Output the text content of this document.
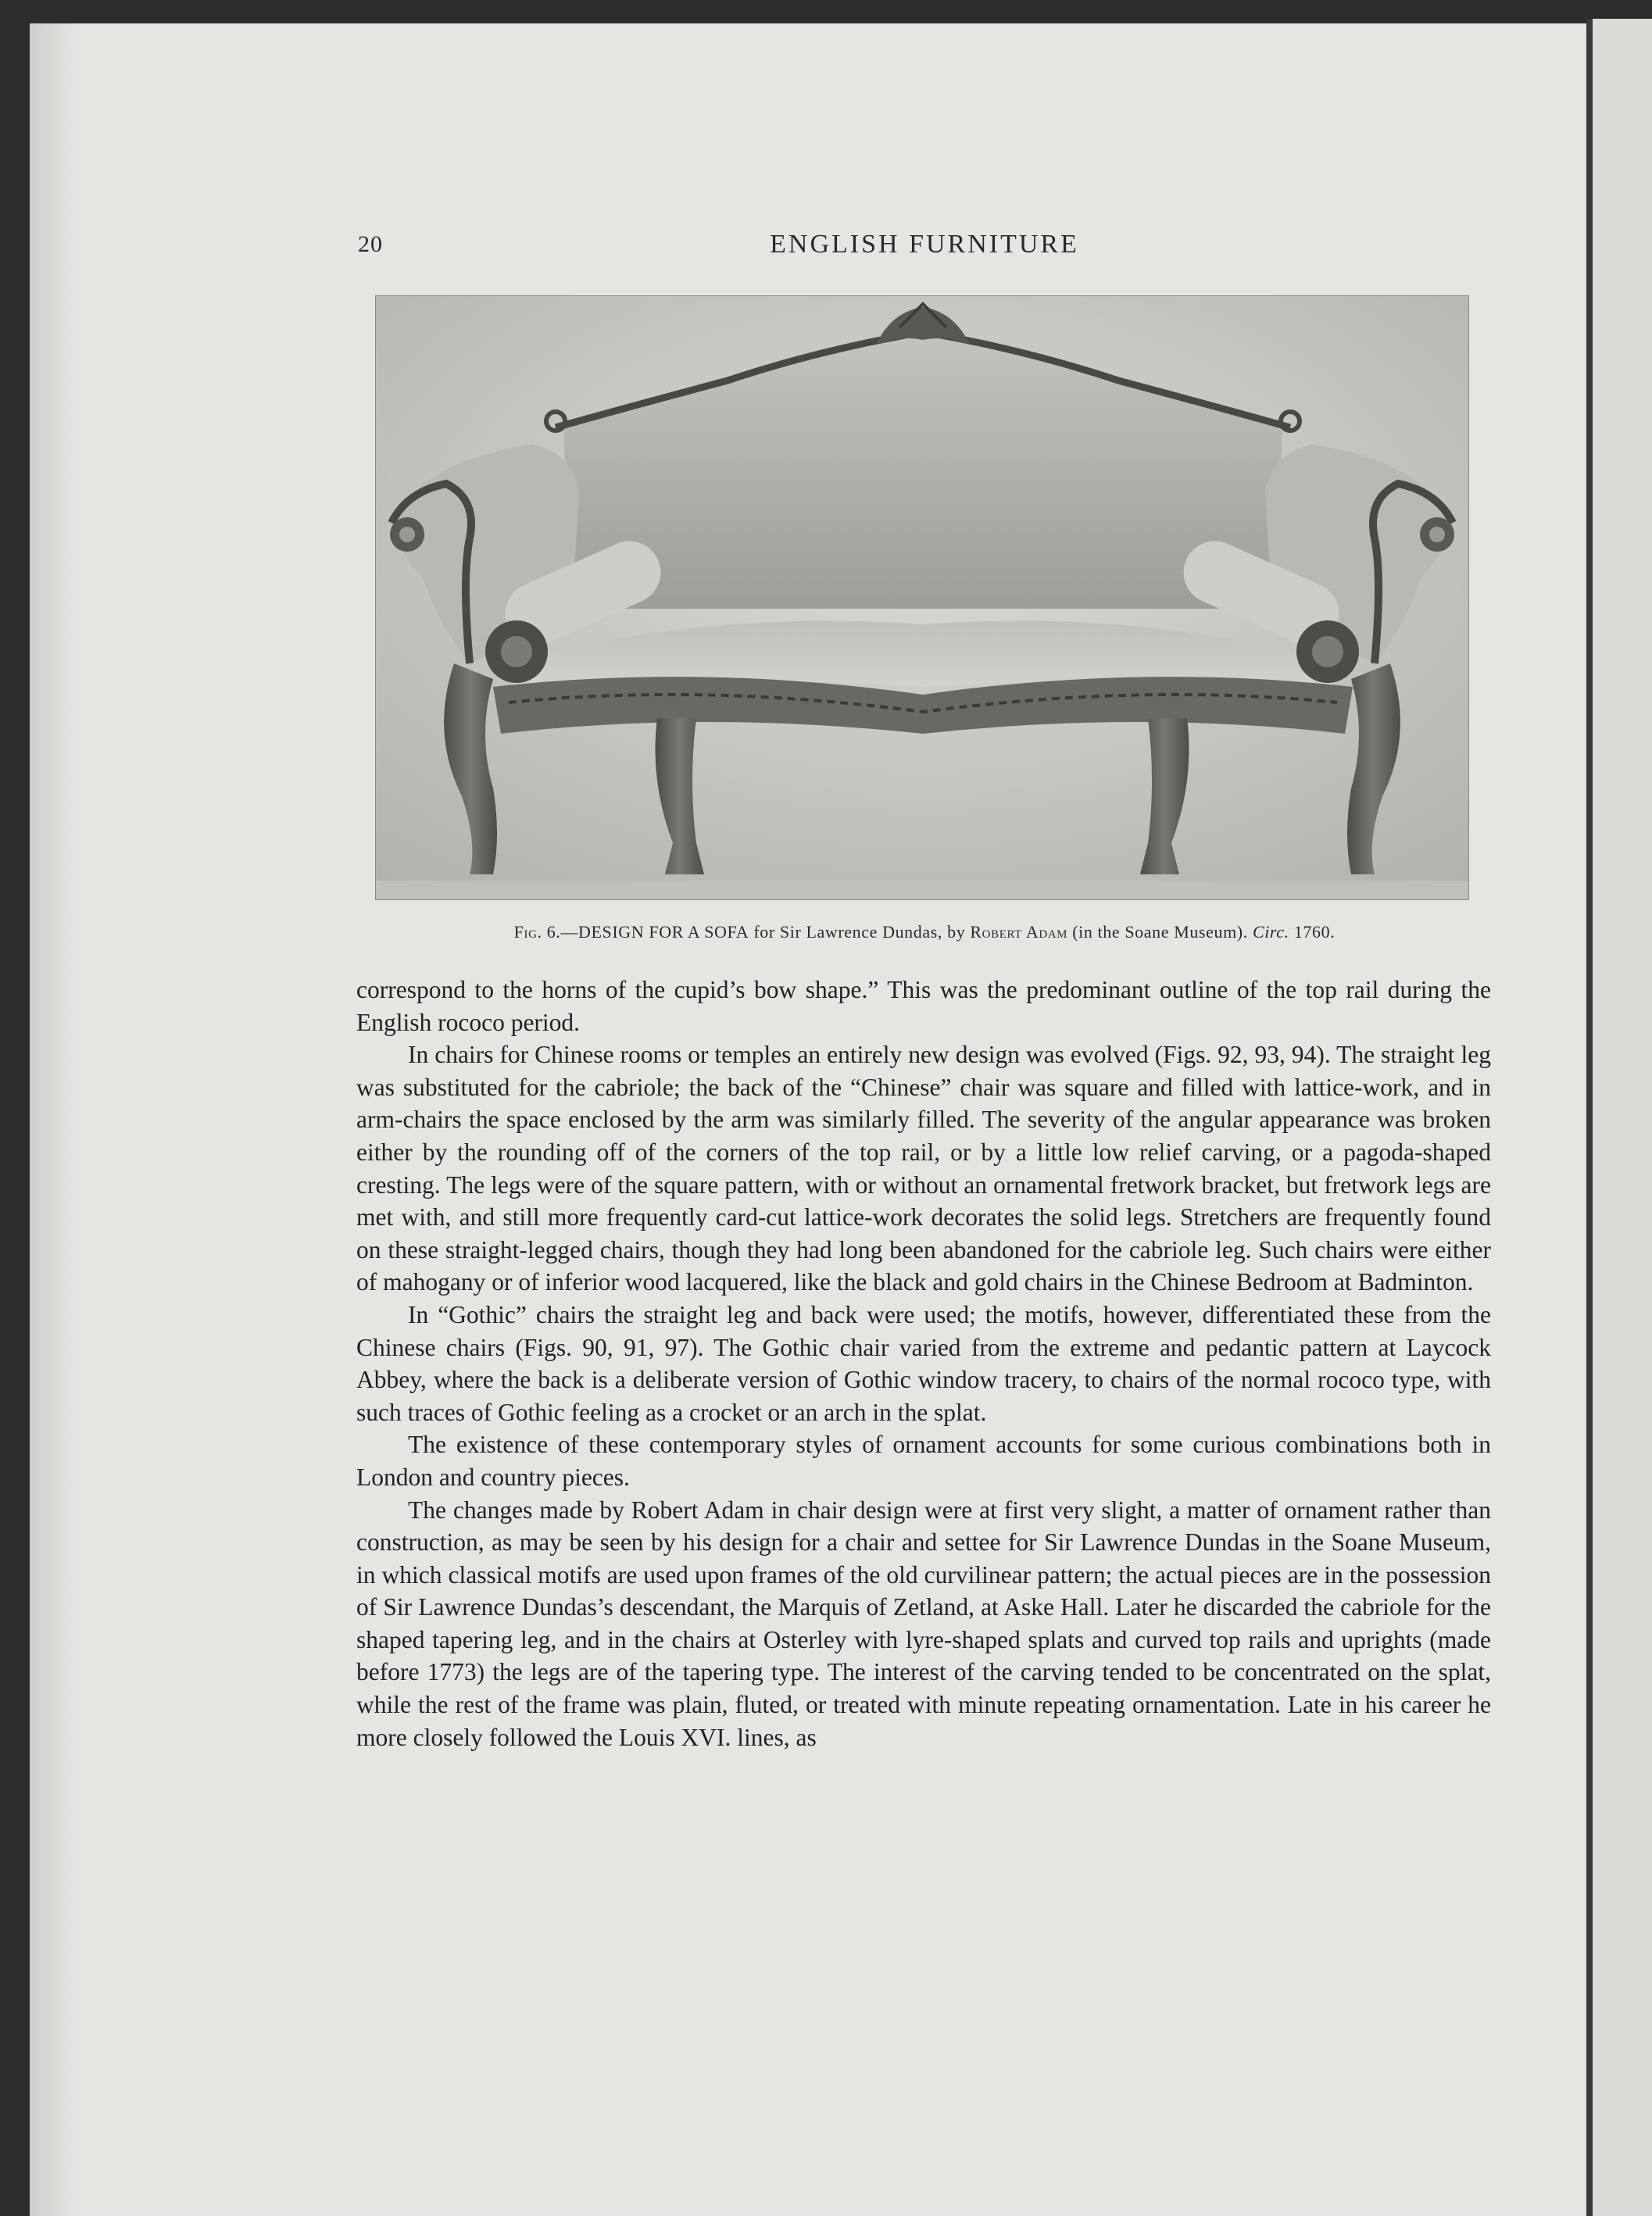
20	ENGLISH FURNITURE
Fig. 6.—DESIGN FOR A SOFA for Sir Lawrence Dundas, by Robert Adam (in the Soane Museum). Circ. 1760.

correspond to the horns of the cupid’s bow shape.” This was the predominant outline of the top rail during the English rococo period.

In chairs for Chinese rooms or temples an entirely new design was evolved (Figs. 92, 93, 94). The straight leg was substituted for the cabriole; the back of the “Chinese” chair was square and filled with lattice-work, and in arm-chairs the space enclosed by the arm was similarly filled. The severity of the angular appearance was broken either by the rounding off of the corners of the top rail, or by a little low relief carving, or a pagoda-shaped cresting. The legs were of the square pattern, with or without an ornamental fretwork bracket, but fretwork legs are met with, and still more frequently card-cut lattice-work decorates the solid legs. Stretchers are frequently found on these straight-legged chairs, though they had long been abandoned for the cabriole leg. Such chairs were either of mahogany or of inferior wood lacquered, like the black and gold chairs in the Chinese Bedroom at Badminton.

In “Gothic” chairs the straight leg and back were used; the motifs, however, differentiated these from the Chinese chairs (Figs. 90, 91, 97). The Gothic chair varied from the extreme and pedantic pattern at Laycock Abbey, where the back is a deliberate version of Gothic window tracery, to chairs of the normal rococo type, with such traces of Gothic feeling as a crocket or an arch in the splat.

The existence of these contemporary styles of ornament accounts for some curious combinations both in London and country pieces.

The changes made by Robert Adam in chair design were at first very slight, a matter of ornament rather than construction, as may be seen by his design for a chair and settee for Sir Lawrence Dundas in the Soane Museum, in which classical motifs are used upon frames of the old curvilinear pattern; the actual pieces are in the possession of Sir Lawrence Dundas’s descendant, the Marquis of Zetland, at Aske Hall. Later he discarded the cabriole for the shaped tapering leg, and in the chairs at Osterley with lyre-shaped splats and curved top rails and uprights (made before 1773) the legs are of the tapering type. The interest of the carving tended to be concentrated on the splat, while the rest of the frame was plain, fluted, or treated with minute repeating ornamentation. Late in his career he more closely followed the Louis XVI. lines, as
